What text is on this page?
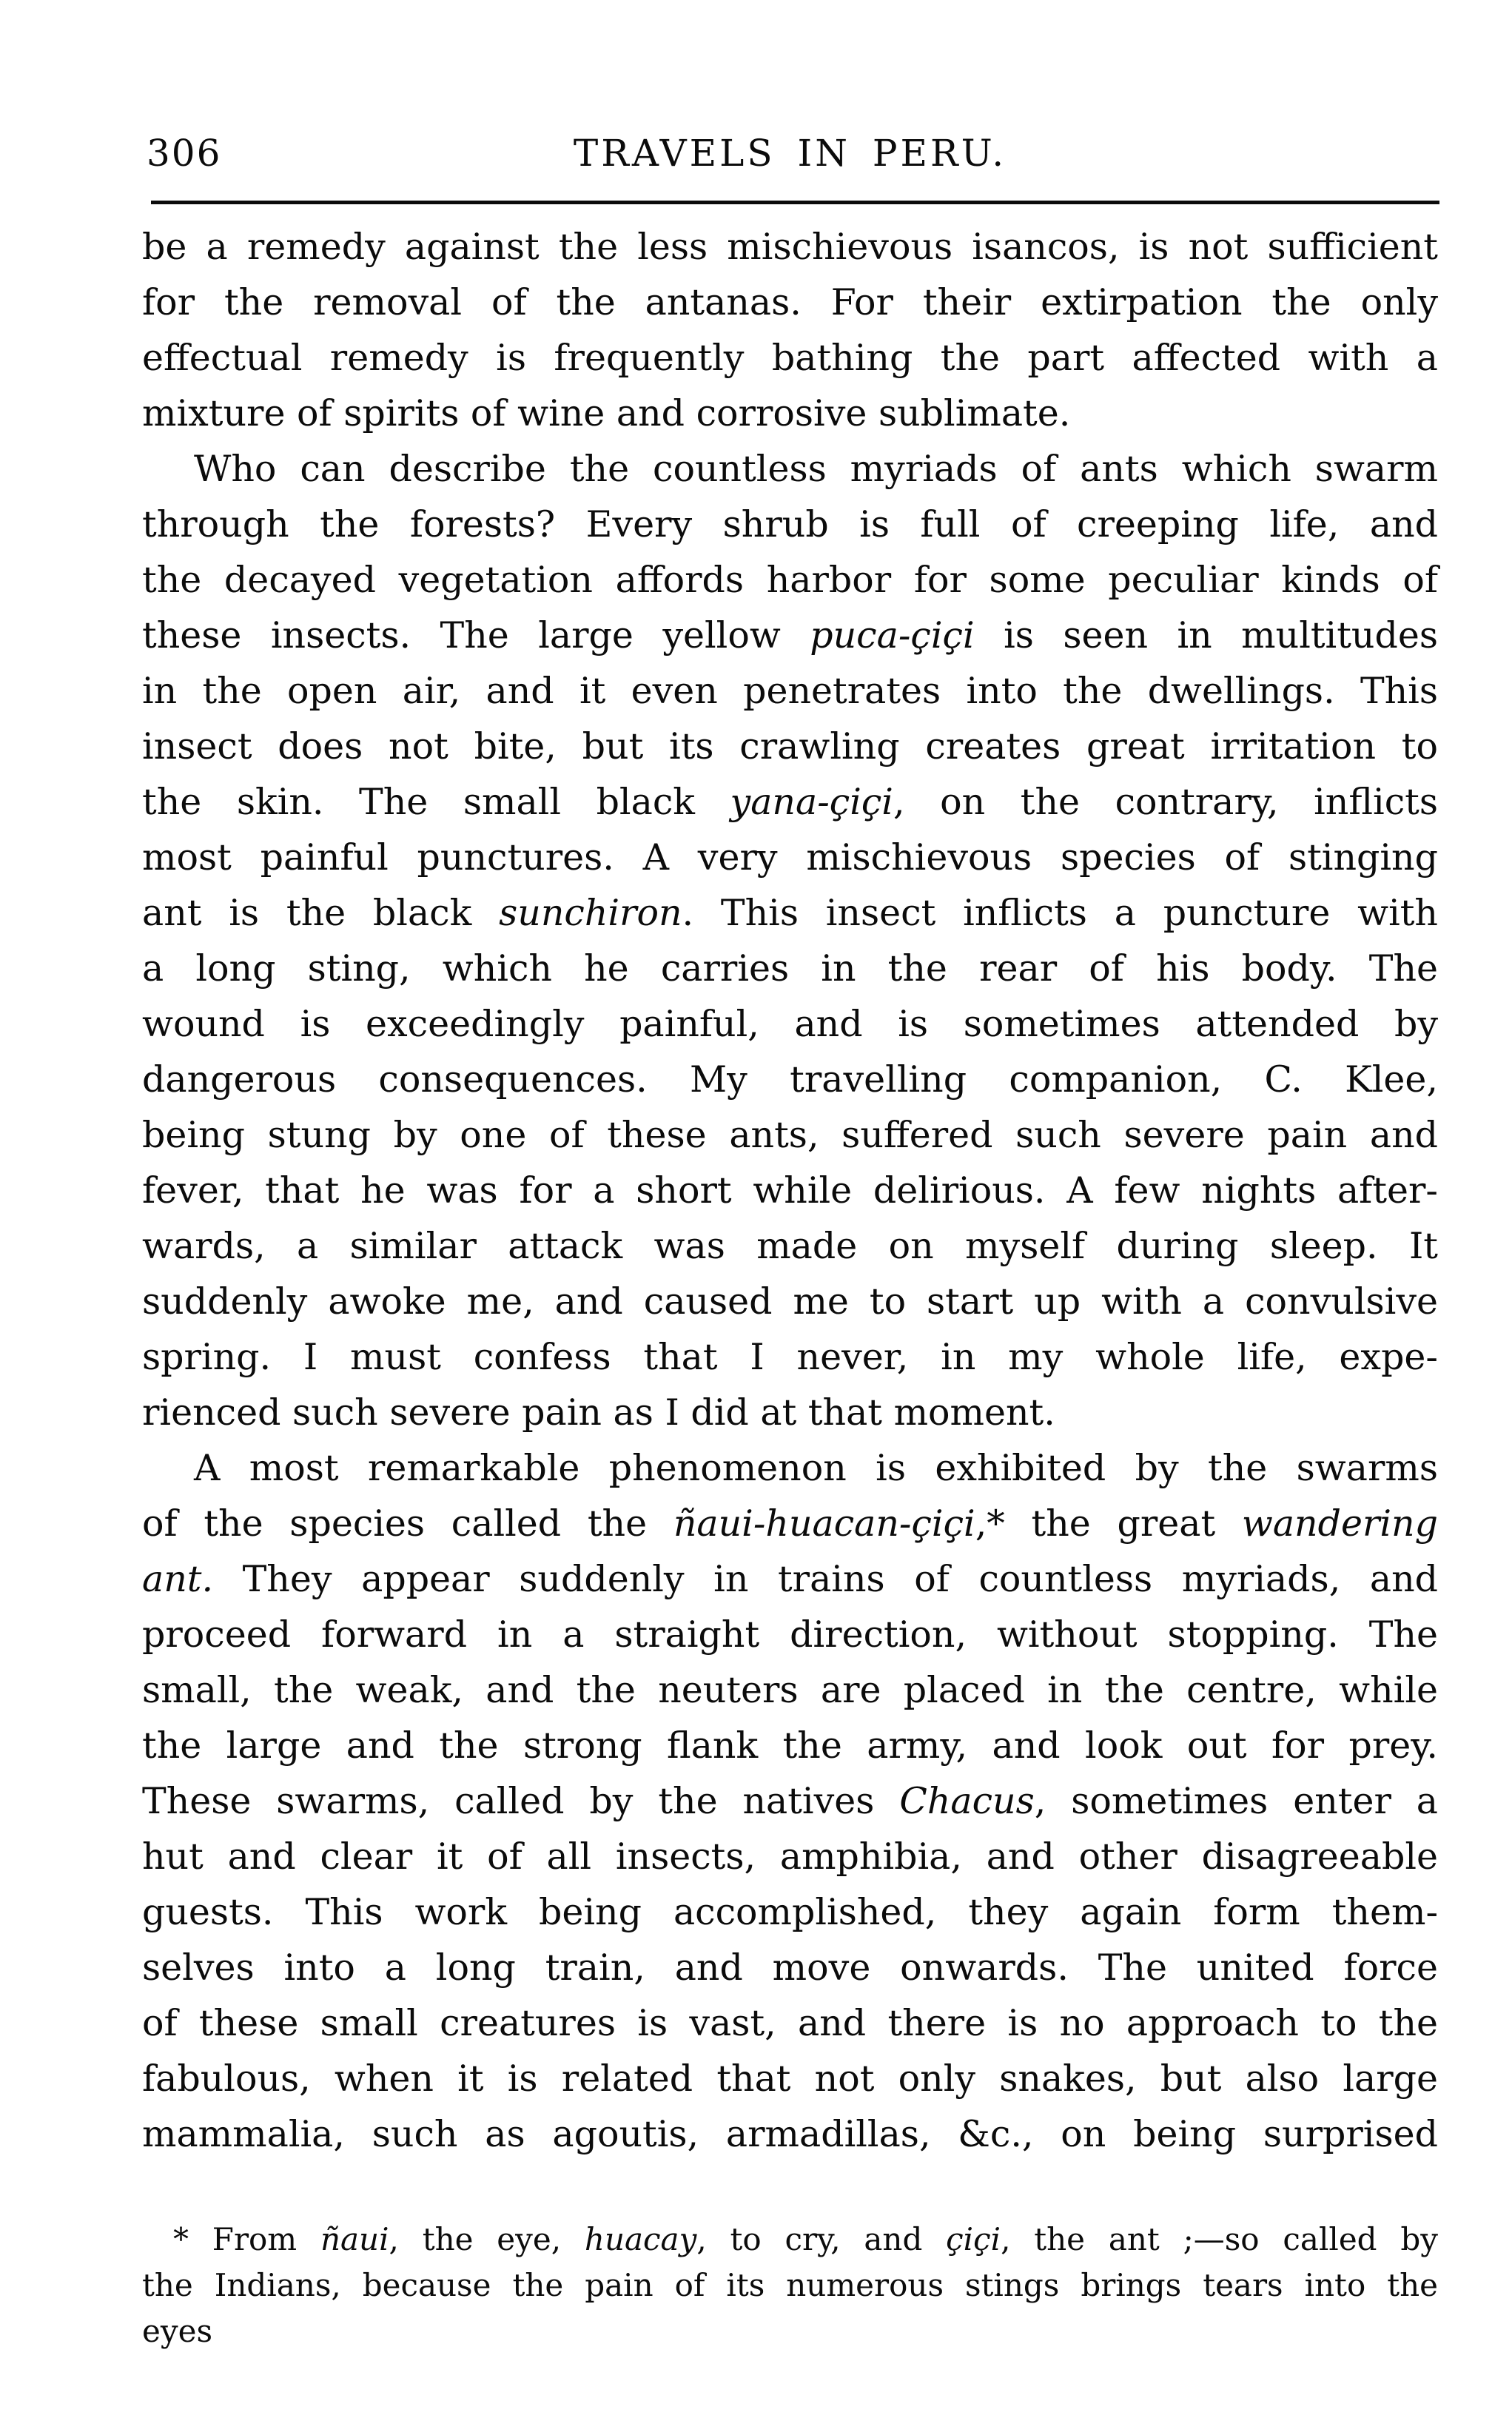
306	TRAVELS IN PERU.
be a remedy against the less mischievous isancos, is not sufficient
for the removal of the antanas. For their extirpation the only
effectual remedy is frequently bathing the part affected with a
mixture of spirits of wine and corrosive sublimate.
Who can describe the countless myriads of ants which swarm
through the forests? Every shrub is full of creeping life, and
the decayed vegetation affords harbor for some peculiar kinds of
these insects. The large yellow puca-çiçi is seen in multitudes
in the open air, and it even penetrates into the dwellings. This
insect does not bite, but its crawling creates great irritation to
the skin. The small black yana-çiçi, on the contrary, inflicts
most painful punctures. A very mischievous species of stinging
ant is the black sunchiron. This insect inflicts a puncture with
a long sting, which he carries in the rear of his body. The
wound is exceedingly painful, and is sometimes attended by
dangerous consequences. My travelling companion, C. Klee,
being stung by one of these ants, suffered such severe pain and
fever, that he was for a short while delirious. A few nights after-
wards, a similar attack was made on myself during sleep. It
suddenly awoke me, and caused me to start up with a convulsive
spring. I must confess that I never, in my whole life, expe-
rienced such severe pain as I did at that moment.
A most remarkable phenomenon is exhibited by the swarms
of the species called the ñaui-huacan-çiçi,* the great wandering
ant. They appear suddenly in trains of countless myriads, and
proceed forward in a straight direction, without stopping. The
small, the weak, and the neuters are placed in the centre, while
the large and the strong flank the army, and look out for prey.
These swarms, called by the natives Chacus, sometimes enter a
hut and clear it of all insects, amphibia, and other disagreeable
guests. This work being accomplished, they again form them-
selves into a long train, and move onwards. The united force
of these small creatures is vast, and there is no approach to the
fabulous, when it is related that not only snakes, but also large
mammalia, such as agoutis, armadillas, &c., on being surprised
* From ñaui, the eye, huacay, to cry, and çiçi, the ant ;—so called by
the Indians, because the pain of its numerous stings brings tears into the
eyes
